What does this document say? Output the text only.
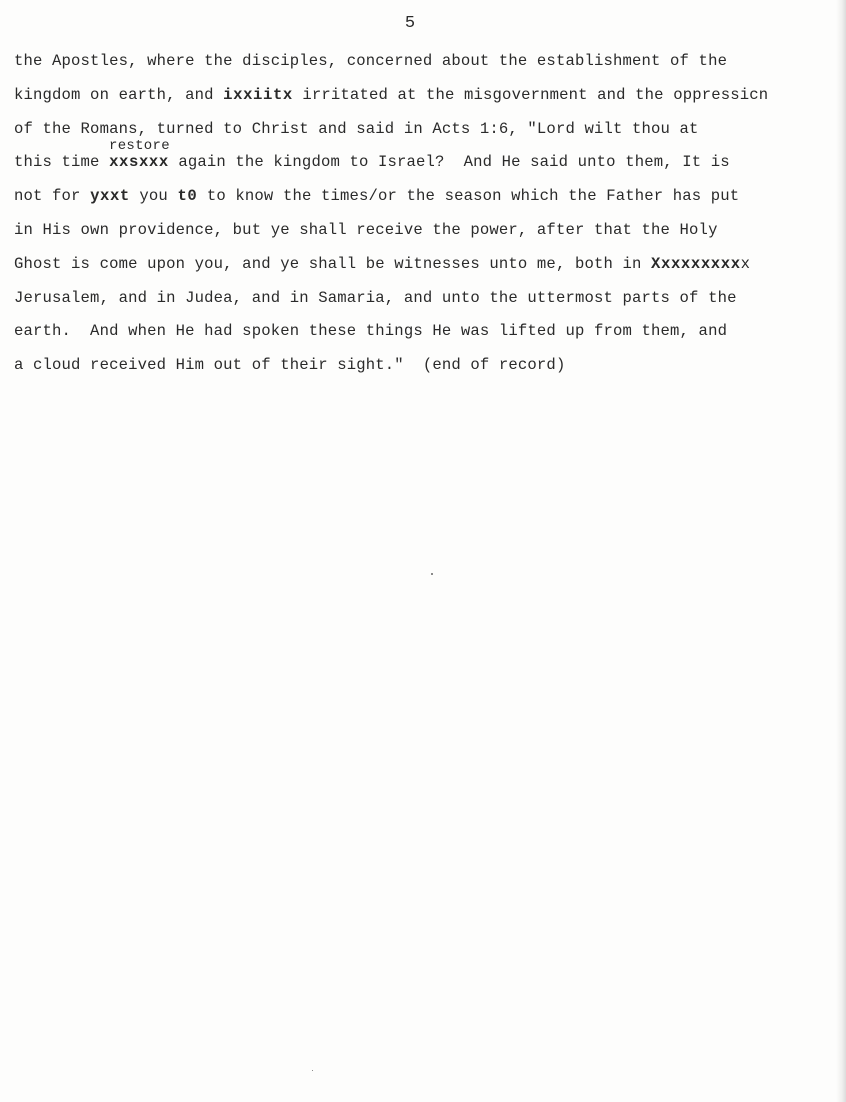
5
restore
the Apostles, where the disciples, concerned about the establishment of the
kingdom on earth, and ixxiitx irritated at the misgovernment and the oppressicn
of the Romans, turned to Christ and said in Acts 1:6, "Lord wilt thou at
this time xxsxxx again the kingdom to Israel?  And He said unto them, It is
not for yxxt you t0 to know the times/or the season which the Father has put
in His own providence, but ye shall receive the power, after that the Holy
Ghost is come upon you, and ye shall be witnesses unto me, both in Xxxxxxxxxx
Jerusalem, and in Judea, and in Samaria, and unto the uttermost parts of the
earth.  And when He had spoken these things He was lifted up from them, and
a cloud received Him out of their sight."  (end of record)
